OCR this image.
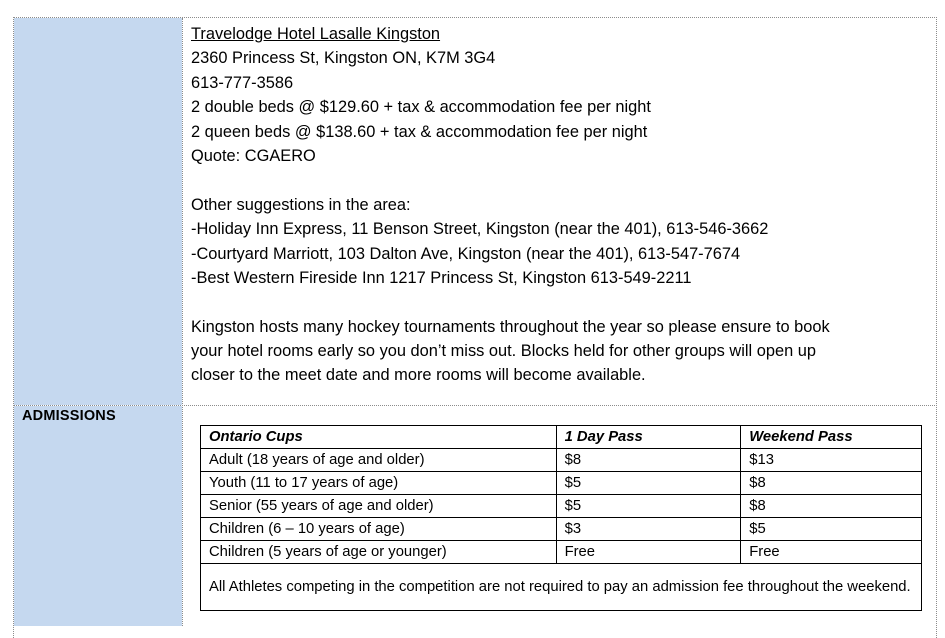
ADMISSIONS
Travelodge Hotel Lasalle Kingston
2360 Princess St, Kingston ON, K7M 3G4
613-777-3586
2 double beds @ $129.60 + tax & accommodation fee per night
2 queen beds @ $138.60 + tax & accommodation fee per night
Quote: CGAERO
Other suggestions in the area:
-Holiday Inn Express, 11 Benson Street, Kingston (near the 401), 613-546-3662
-Courtyard Marriott, 103 Dalton Ave, Kingston (near the 401), 613-547-7674
-Best Western Fireside Inn 1217 Princess St, Kingston 613-549-2211
Kingston hosts many hockey tournaments throughout the year so please ensure to book
your hotel rooms early so you don’t miss out. Blocks held for other groups will open up
closer to the meet date and more rooms will become available.
Ontario Cups	1 Day Pass	Weekend Pass
Adult (18 years of age and older)	$8	$13
Youth (11 to 17 years of age)	$5	$8
Senior (55 years of age and older)	$5	$8
Children (6 – 10 years of age)	$3	$5
Children (5 years of age or younger)	Free	Free
All Athletes competing in the competition are not required to pay an admission fee throughout the weekend.		
